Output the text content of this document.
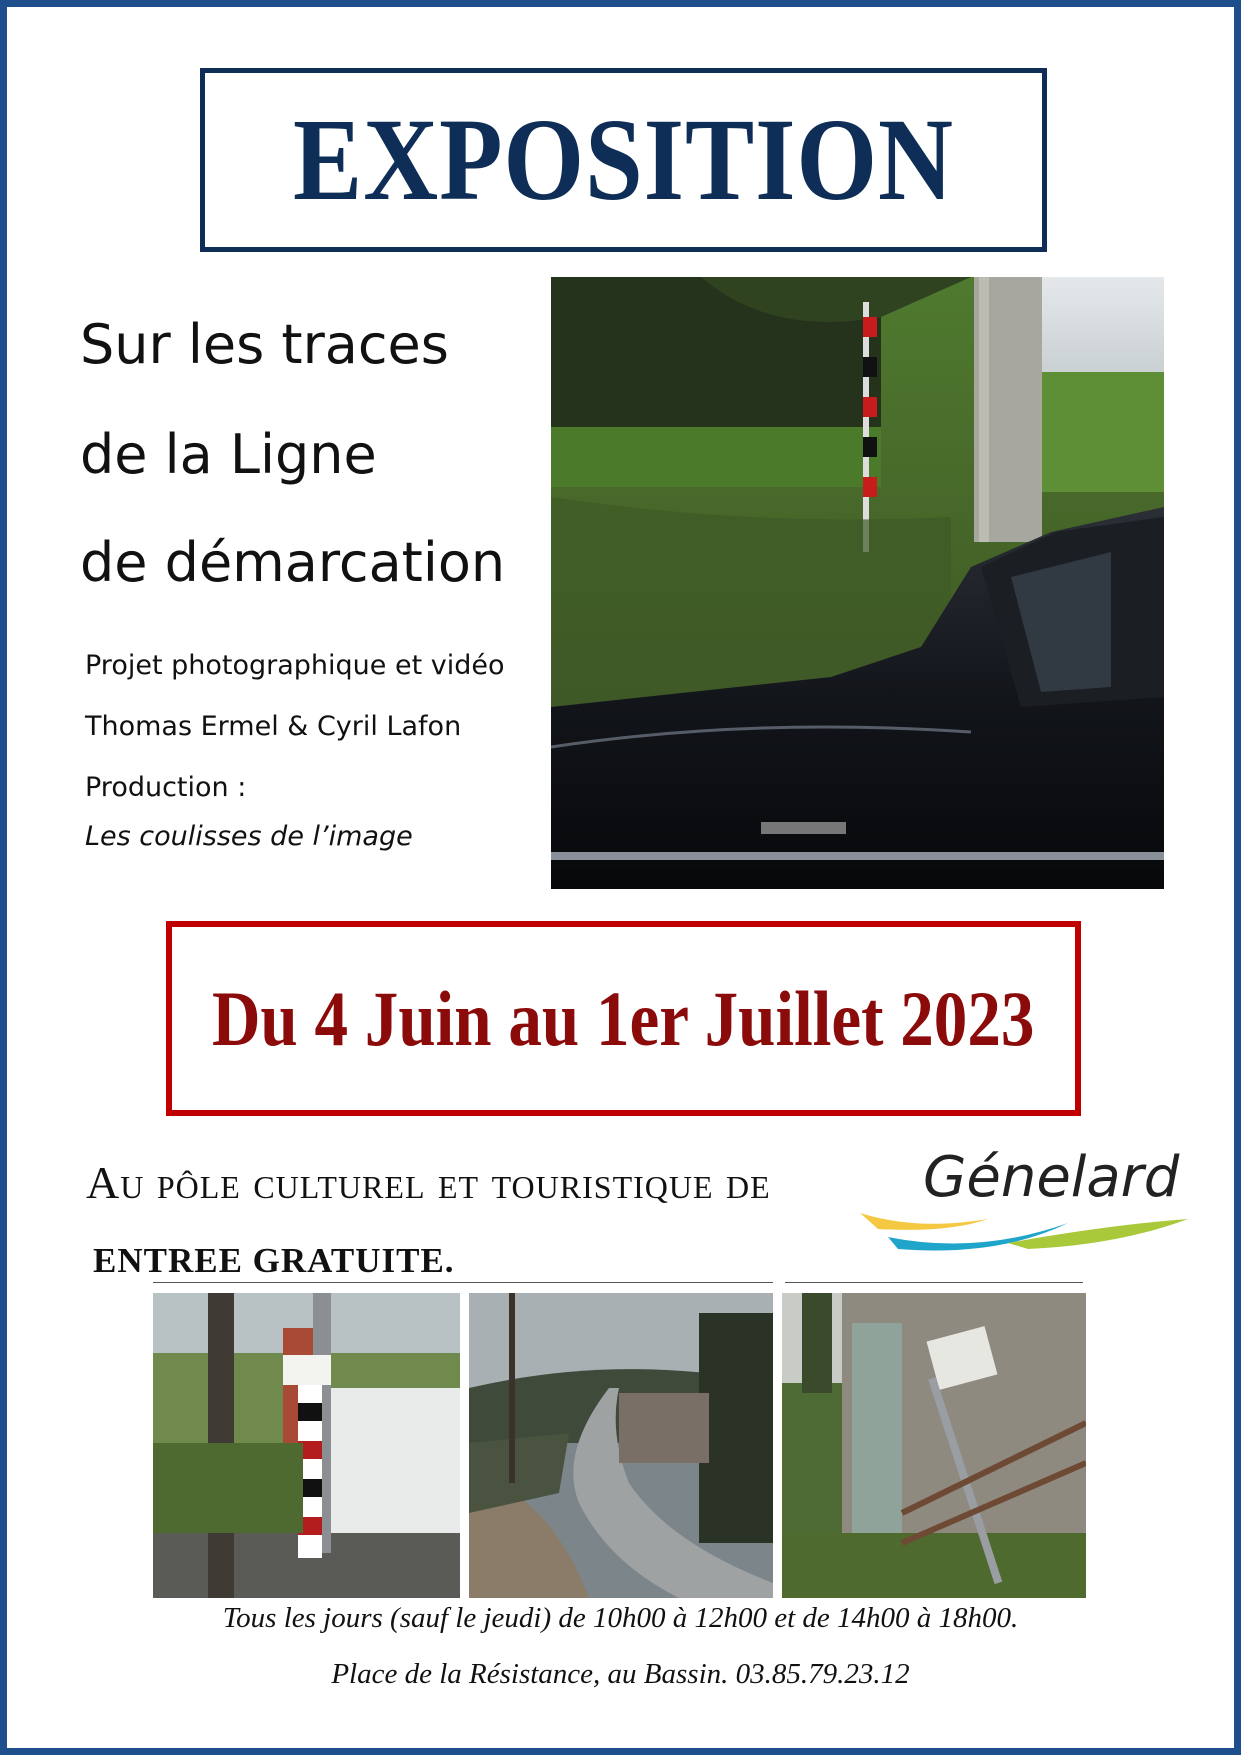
EXPOSITION
Sur les traces
de la Ligne
de démarcation
Projet photographique et vidéo
Thomas Ermel & Cyril Lafon
Production :
Les coulisses de l’image
Du 4 Juin au 1er Juillet 2023
Au pôle culturel et touristique de	Génelard
ENTREE GRATUITE.
Tous les jours (sauf le jeudi) de 10h00 à 12h00 et de 14h00 à 18h00.
Place de la Résistance, au Bassin. 03.85.79.23.12
